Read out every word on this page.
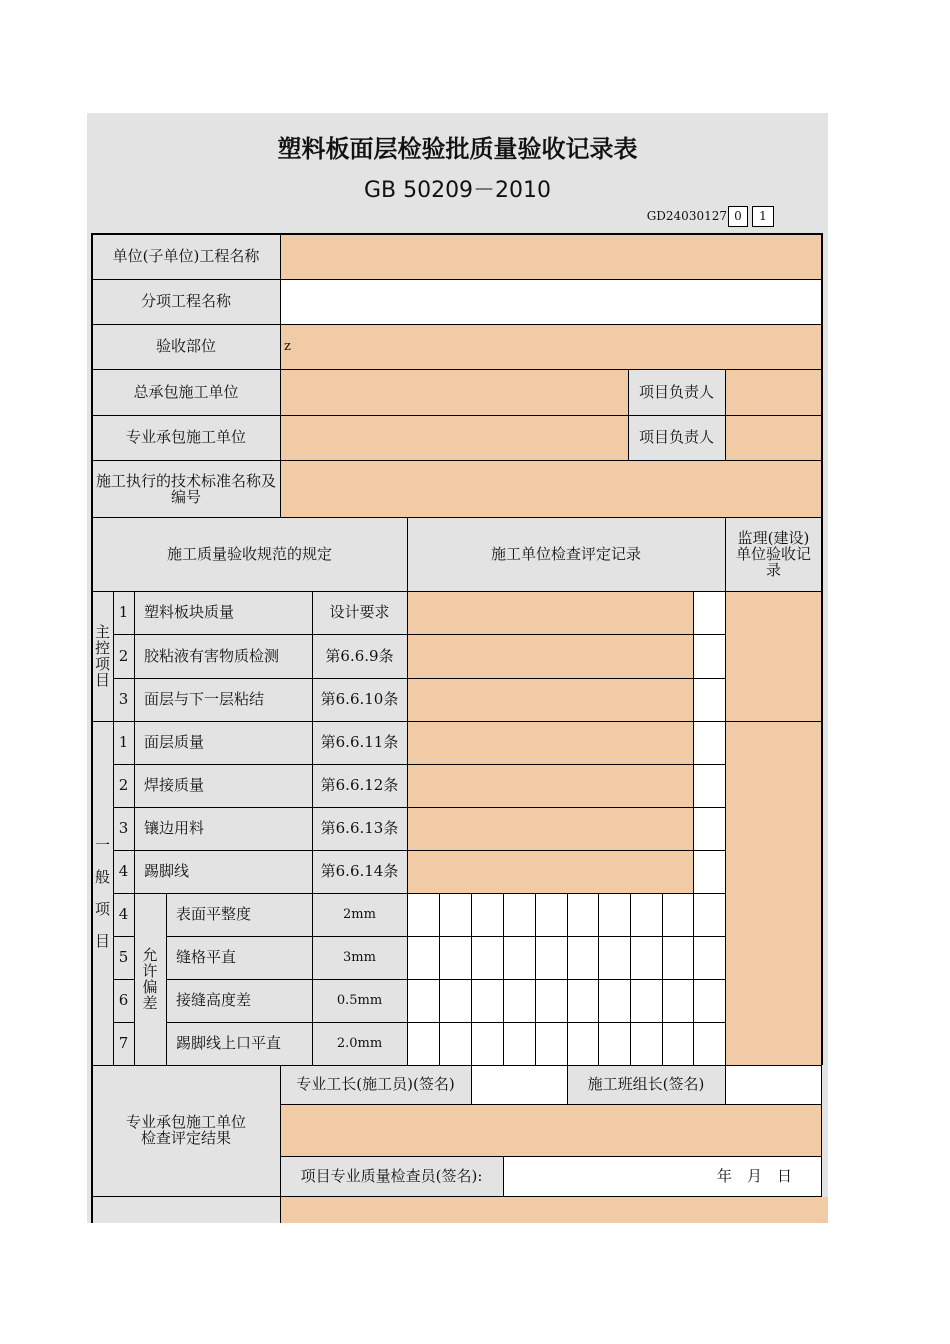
塑料板面层检验批质量验收记录表
GB 50209－2010
GD24030127 0	1
单位(子单位)工程名称
分项工程名称
验收部位	z
总承包施工单位	项目负责人
专业承包施工单位	项目负责人
施工执行的技术标准名称及
编号
施工质量验收规范的规定	施工单位检查评定记录
监理(建设)
单位验收记
录
主
控
项
目
1	塑料板块质量	设计要求
2	胶粘液有害物质检测	第6.6.9条
3	面层与下一层粘结	第6.6.10条
一
般
项
目
1	面层质量	第6.6.11条
2	焊接质量	第6.6.12条
3	镶边用料	第6.6.13条
4	踢脚线	第6.6.14条
允
许
偏
差
4	表面平整度	2mm
5	缝格平直	3mm
6	接缝高度差	0.5mm
7	踢脚线上口平直	2.0mm
专业工长(施工员)(签名)	施工班组长(签名)
专业承包施工单位
检查评定结果
项目专业质量检查员(签名):	年　月　日
